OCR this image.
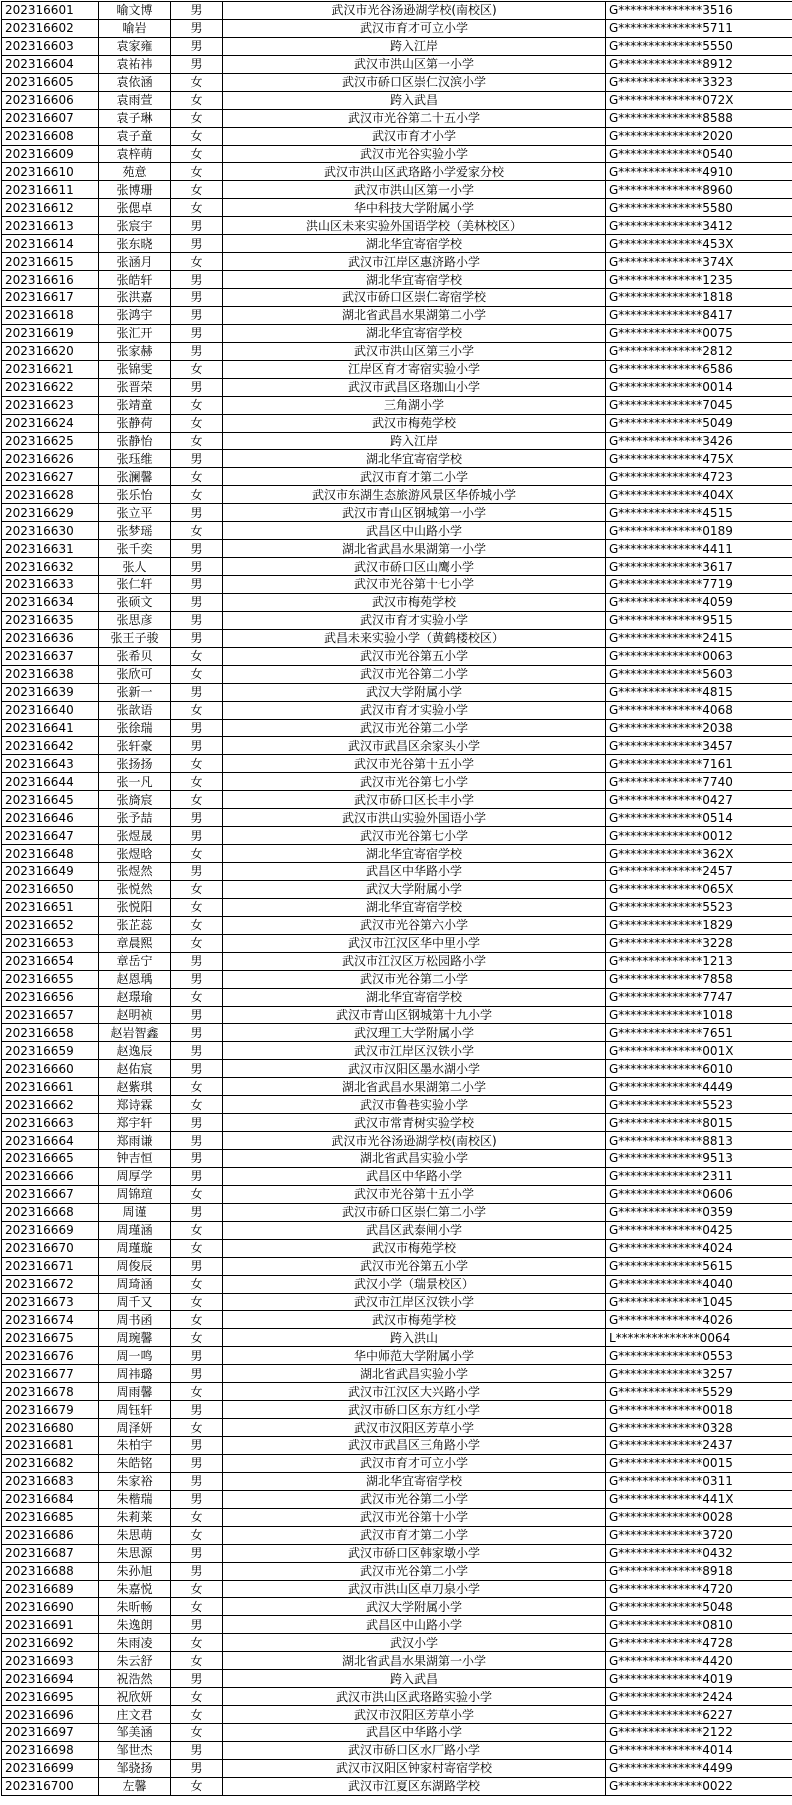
202316601	喻文博	男	武汉市光谷汤逊湖学校(南校区)	G**************3516
202316602	喻岩	男	武汉市育才可立小学	G**************5711
202316603	袁家雍	男	跨入江岸	G**************5550
202316604	袁祐祎	男	武汉市洪山区第一小学	G**************8912
202316605	袁依涵	女	武汉市硚口区崇仁汉滨小学	G**************3323
202316606	袁雨萱	女	跨入武昌	G**************072X
202316607	袁子琳	女	武汉市光谷第二十五小学	G**************8588
202316608	袁子童	女	武汉市育才小学	G**************2020
202316609	袁梓萌	女	武汉市光谷实验小学	G**************0540
202316610	苑意	女	武汉市洪山区武珞路小学爱家分校	G**************4910
202316611	张博珊	女	武汉市洪山区第一小学	G**************8960
202316612	张偲卓	女	华中科技大学附属小学	G**************5580
202316613	张宸宇	男	洪山区未来实验外国语学校（美林校区）	G**************3412
202316614	张东晓	男	湖北华宜寄宿学校	G**************453X
202316615	张涵月	女	武汉市江岸区惠济路小学	G**************374X
202316616	张皓轩	男	湖北华宜寄宿学校	G**************1235
202316617	张洪嘉	男	武汉市硚口区崇仁寄宿学校	G**************1818
202316618	张鸿宇	男	湖北省武昌水果湖第二小学	G**************8417
202316619	张汇开	男	湖北华宜寄宿学校	G**************0075
202316620	张家赫	男	武汉市洪山区第三小学	G**************2812
202316621	张锦雯	女	江岸区育才寄宿实验小学	G**************6586
202316622	张晋荣	男	武汉市武昌区珞珈山小学	G**************0014
202316623	张靖童	女	三角湖小学	G**************7045
202316624	张静荷	女	武汉市梅苑学校	G**************5049
202316625	张静怡	女	跨入江岸	G**************3426
202316626	张珏维	男	湖北华宜寄宿学校	G**************475X
202316627	张澜馨	女	武汉市育才第二小学	G**************4723
202316628	张乐怡	女	武汉市东湖生态旅游风景区华侨城小学	G**************404X
202316629	张立平	男	武汉市青山区钢城第一小学	G**************4515
202316630	张梦瑶	女	武昌区中山路小学	G**************0189
202316631	张千奕	男	湖北省武昌水果湖第一小学	G**************4411
202316632	张人	男	武汉市硚口区山鹰小学	G**************3617
202316633	张仁轩	男	武汉市光谷第十七小学	G**************7719
202316634	张硕文	男	武汉市梅苑学校	G**************4059
202316635	张思彦	男	武汉市育才实验小学	G**************9515
202316636	张王子骏	男	武昌未来实验小学（黄鹤楼校区）	G**************2415
202316637	张希贝	女	武汉市光谷第五小学	G**************0063
202316638	张欣可	女	武汉市光谷第二小学	G**************5603
202316639	张新一	男	武汉大学附属小学	G**************4815
202316640	张歆语	女	武汉市育才实验小学	G**************4068
202316641	张徐瑞	男	武汉市光谷第二小学	G**************2038
202316642	张轩豪	男	武汉市武昌区余家头小学	G**************3457
202316643	张扬扬	女	武汉市光谷第十五小学	G**************7161
202316644	张一凡	女	武汉市光谷第七小学	G**************7740
202316645	张旖宸	女	武汉市硚口区长丰小学	G**************0427
202316646	张予喆	男	武汉市洪山实验外国语小学	G**************0514
202316647	张煜晟	男	武汉市光谷第七小学	G**************0012
202316648	张煜晗	女	湖北华宜寄宿学校	G**************362X
202316649	张煜然	男	武昌区中华路小学	G**************2457
202316650	张悦然	女	武汉大学附属小学	G**************065X
202316651	张悦阳	女	湖北华宜寄宿学校	G**************5523
202316652	张芷蕊	女	武汉市光谷第六小学	G**************1829
202316653	章晨熙	女	武汉市江汉区华中里小学	G**************3228
202316654	章岳宁	男	武汉市江汉区万松园路小学	G**************1213
202316655	赵恩瑀	男	武汉市光谷第二小学	G**************7858
202316656	赵璟瑜	女	湖北华宜寄宿学校	G**************7747
202316657	赵明祯	男	武汉市青山区钢城第十九小学	G**************1018
202316658	赵岩智鑫	男	武汉理工大学附属小学	G**************7651
202316659	赵逸辰	男	武汉市江岸区汉铁小学	G**************001X
202316660	赵佑宸	男	武汉市汉阳区墨水湖小学	G**************6010
202316661	赵紫琪	女	湖北省武昌水果湖第二小学	G**************4449
202316662	郑诗霖	女	武汉市鲁巷实验小学	G**************5523
202316663	郑宇轩	男	武汉市常青树实验学校	G**************8015
202316664	郑雨谦	男	武汉市光谷汤逊湖学校(南校区)	G**************8813
202316665	钟吉恒	男	湖北省武昌实验小学	G**************9513
202316666	周厚学	男	武昌区中华路小学	G**************2311
202316667	周锦瑄	女	武汉市光谷第十五小学	G**************0606
202316668	周谨	男	武汉市硚口区崇仁第二小学	G**************0359
202316669	周瑾涵	女	武昌区武泰闸小学	G**************0425
202316670	周瑾璇	女	武汉市梅苑学校	G**************4024
202316671	周俊辰	男	武汉市光谷第五小学	G**************5615
202316672	周琦涵	女	武汉小学（瑞景校区）	G**************4040
202316673	周千又	女	武汉市江岸区汉铁小学	G**************1045
202316674	周书函	女	武汉市梅苑学校	G**************4026
202316675	周琬馨	女	跨入洪山	L**************0064
202316676	周一鸣	男	华中师范大学附属小学	G**************0553
202316677	周祎璐	男	湖北省武昌实验小学	G**************3257
202316678	周雨馨	女	武汉市江汉区大兴路小学	G**************5529
202316679	周钰轩	男	武汉市硚口区东方红小学	G**************0018
202316680	周泽妍	女	武汉市汉阳区芳草小学	G**************0328
202316681	朱柏宇	男	武汉市武昌区三角路小学	G**************2437
202316682	朱皓铭	男	武汉市育才可立小学	G**************0015
202316683	朱家裕	男	湖北华宜寄宿学校	G**************0311
202316684	朱楷瑞	男	武汉市光谷第二小学	G**************441X
202316685	朱莉莱	女	武汉市光谷第十小学	G**************0028
202316686	朱思萌	女	武汉市育才第二小学	G**************3720
202316687	朱思源	男	武汉市硚口区韩家墩小学	G**************0432
202316688	朱孙旭	男	武汉市光谷第二小学	G**************8918
202316689	朱嘉悦	女	武汉市洪山区卓刀泉小学	G**************4720
202316690	朱昕畅	女	武汉大学附属小学	G**************5048
202316691	朱逸朗	男	武昌区中山路小学	G**************0810
202316692	朱雨凌	女	武汉小学	G**************4728
202316693	朱云舒	女	湖北省武昌水果湖第一小学	G**************4420
202316694	祝浩然	男	跨入武昌	G**************4019
202316695	祝欣妍	女	武汉市洪山区武珞路实验小学	G**************2424
202316696	庄文君	女	武汉市汉阳区芳草小学	G**************6227
202316697	邹美涵	女	武昌区中华路小学	G**************2122
202316698	邹世杰	男	武汉市硚口区水厂路小学	G**************4014
202316699	邹骁扬	男	武汉市汉阳区钟家村寄宿学校	G**************4499
202316700	左馨	女	武汉市江夏区东湖路学校	G**************0022
